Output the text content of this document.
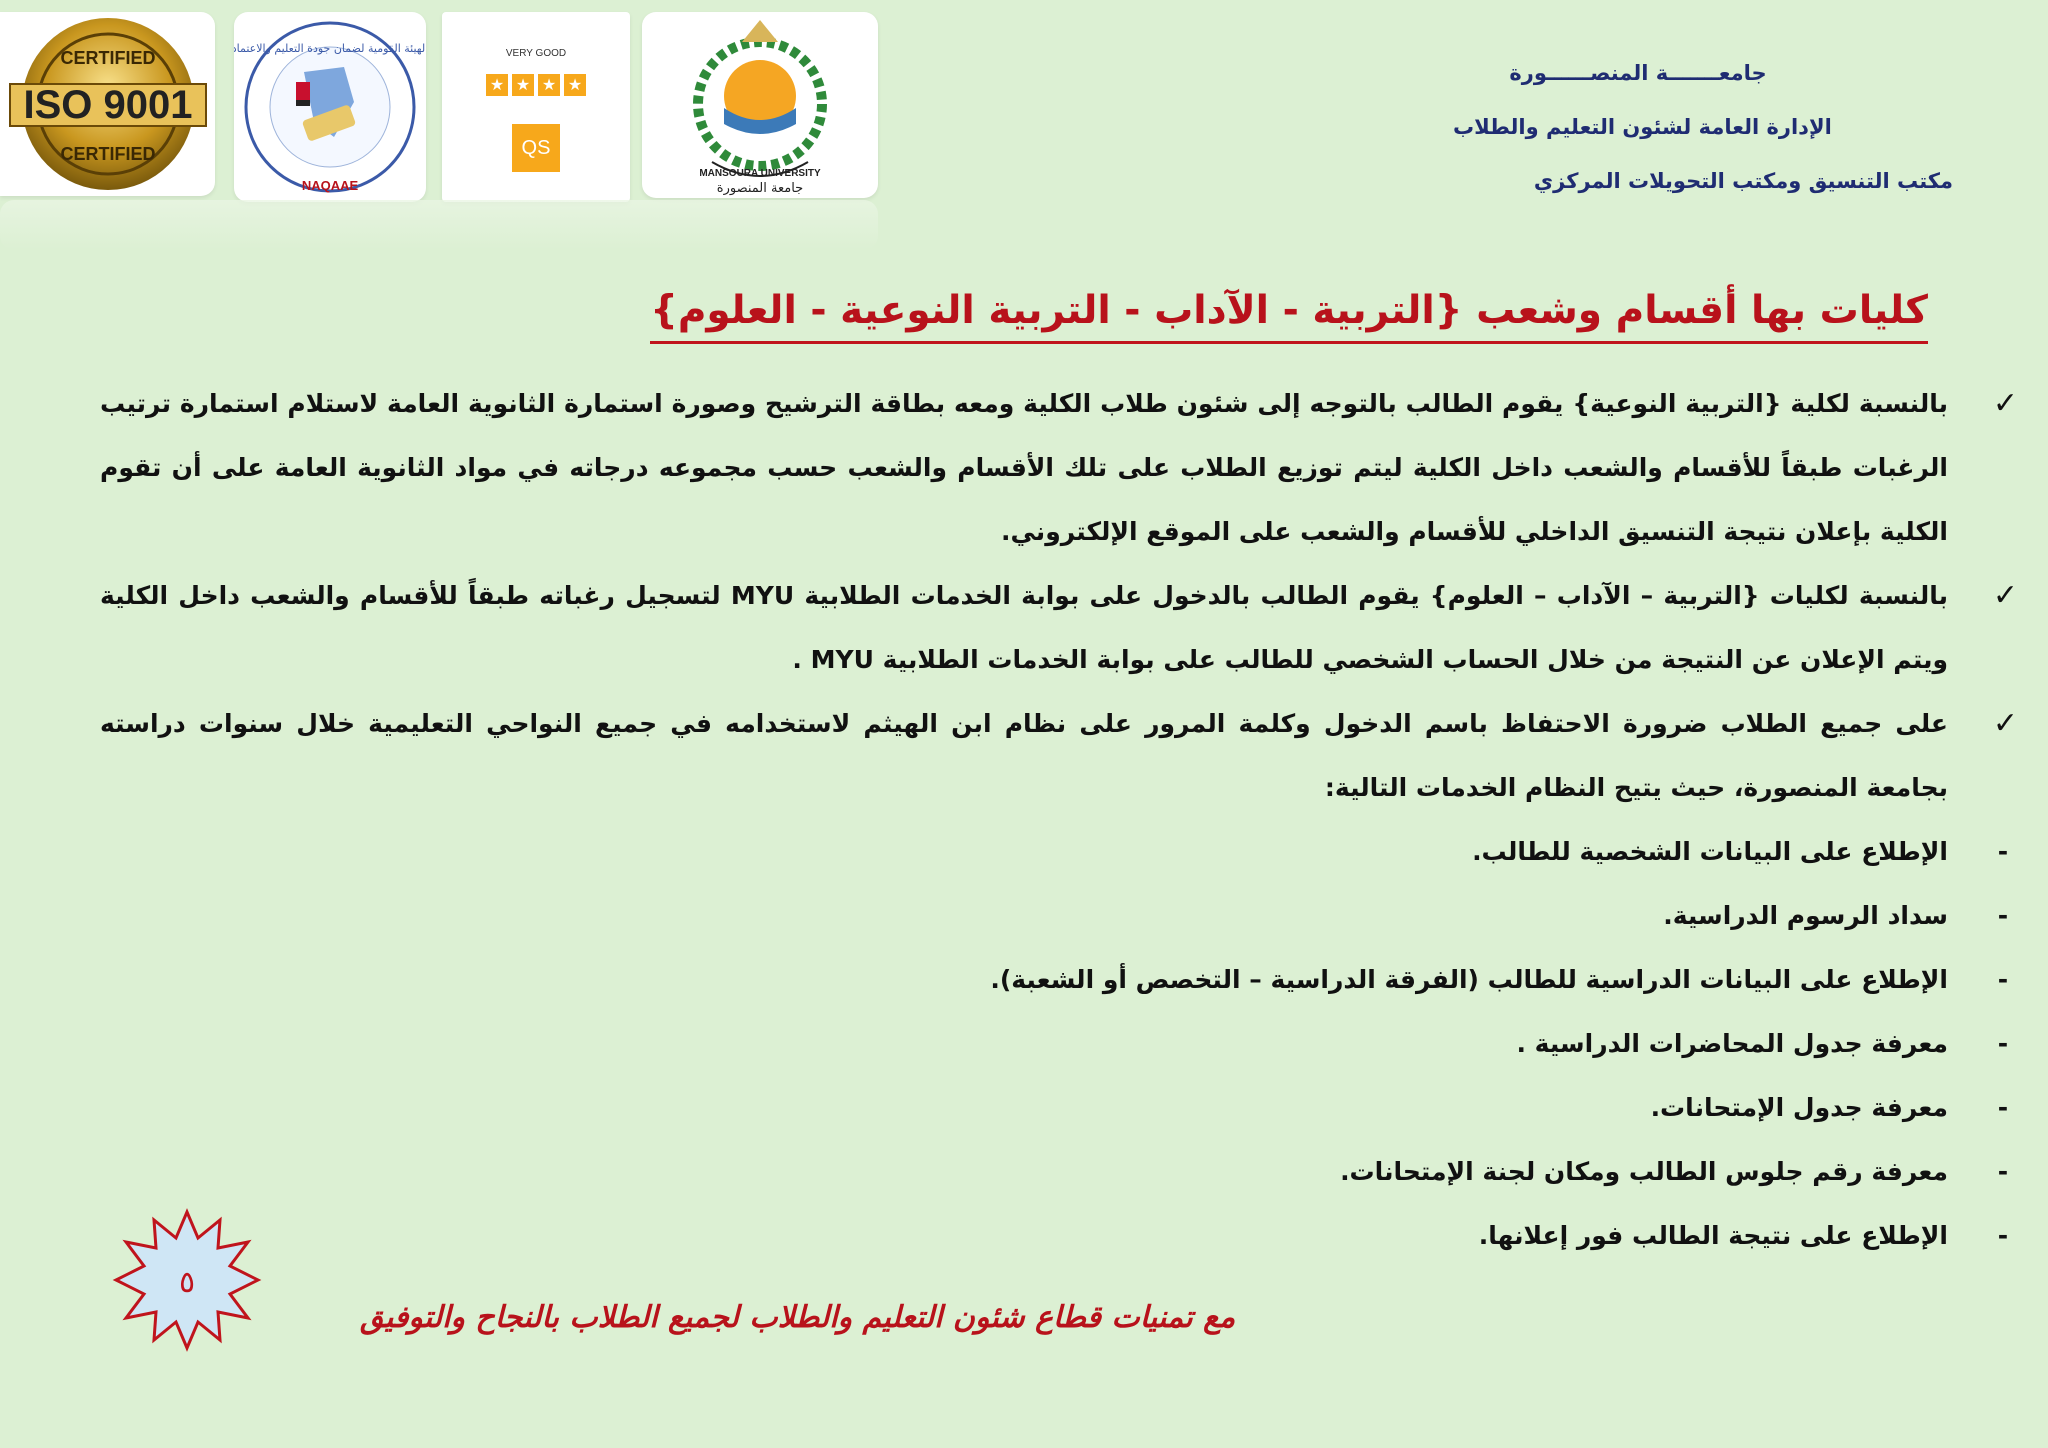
ISO 9001
CERTIFIED
CERTIFIED
NAQAAE
الهيئة القومية لضمان جودة التعليم والاعتماد	VERY GOOD
★ ★ ★ ★
QS
MANSOURA UNIVERSITY
جامعة المنصورة
جامعـــــــة المنصــــــورة
الإدارة العامة لشئون التعليم والطلاب
مكتب التنسيق ومكتب التحويلات المركزي
كليات بها أقسام وشعب {التربية - الآداب - التربية النوعية - العلوم}
✓
بالنسبة لكلية {التربية النوعية} يقوم الطالب بالتوجه إلى شئون طلاب الكلية ومعه بطاقة الترشيح وصورة استمارة الثانوية العامة لاستلام استمارة ترتيب الرغبات طبقاً للأقسام والشعب داخل الكلية ليتم توزيع الطلاب على تلك الأقسام والشعب حسب مجموعه درجاته في مواد الثانوية العامة على أن تقوم الكلية بإعلان نتيجة التنسيق الداخلي للأقسام والشعب على الموقع الإلكتروني.
✓
بالنسبة لكليات {التربية – الآداب – العلوم} يقوم الطالب بالدخول على بوابة الخدمات الطلابية MYU لتسجيل رغباته طبقاً للأقسام والشعب داخل الكلية ويتم الإعلان عن النتيجة من خلال الحساب الشخصي للطالب على بوابة الخدمات الطلابية MYU .
✓
على جميع الطلاب ضرورة الاحتفاظ باسم الدخول وكلمة المرور على نظام ابن الهيثم لاستخدامه في جميع النواحي التعليمية خلال سنوات دراسته بجامعة المنصورة، حيث يتيح النظام الخدمات التالية:
-
الإطلاع على البيانات الشخصية للطالب.
-
سداد الرسوم الدراسية.
-
الإطلاع على البيانات الدراسية للطالب (الفرقة الدراسية – التخصص أو الشعبة).
-
معرفة جدول المحاضرات الدراسية .
-
معرفة جدول الإمتحانات.
-
معرفة رقم جلوس الطالب ومكان لجنة الإمتحانات.
-
الإطلاع على نتيجة الطالب فور إعلانها.
٥
مع تمنيات قطاع شئون التعليم والطلاب لجميع الطلاب بالنجاح والتوفيق
